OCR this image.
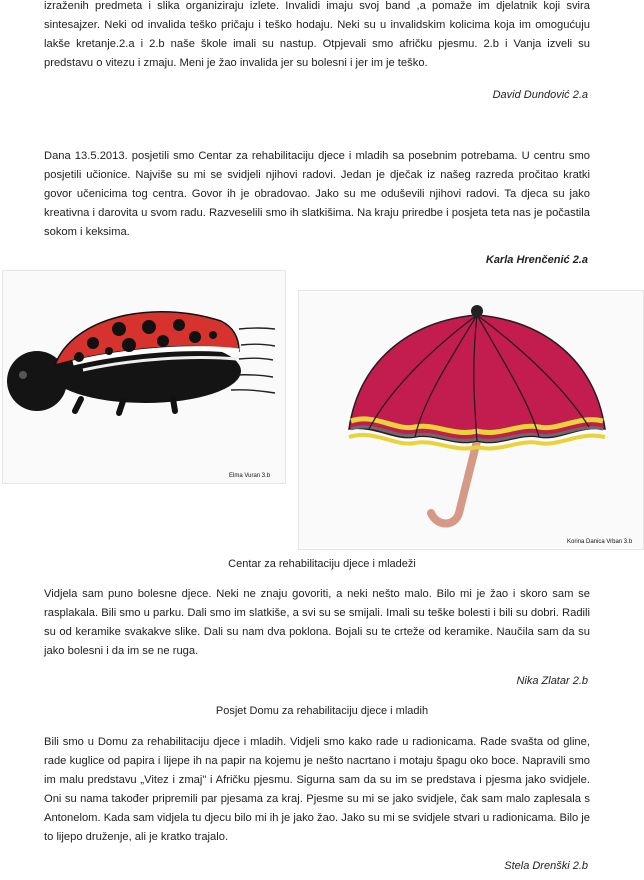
izraženih predmeta i slika organiziraju izlete. Invalidi imaju svoj band ,a pomaže im djelatnik koji svira sintesajzer. Neki od invalida teško pričaju i teško hodaju. Neki su u invalidskim kolicima koja im omogućuju lakše kretanje.2.a i 2.b naše škole imali su nastup. Otpjevali smo afričku pjesmu. 2.b i Vanja izveli su predstavu o vitezu i zmaju. Meni je žao invalida jer su bolesni i jer im je teško.

David Dundović 2.a

Dana 13.5.2013. posjetili smo Centar za rehabilitaciju djece i mladih sa posebnim potrebama. U centru smo posjetili učionice. Najviše su mi se svidjeli njihovi radovi. Jedan je dječak iz našeg razreda pročitao kratki govor učenicima tog centra. Govor ih je obradovao. Jako su me oduševili njihovi radovi. Ta djeca su jako kreativna i darovita u svom radu. Razveselili smo ih slatkišima. Na kraju priredbe i posjeta teta nas je počastila sokom i keksima.

Karla Hrenčenić 2.a

Elma Vuran 3.b
Korina Danica Vrban 3.b

Centar za rehabilitaciju djece i mladeži

Vidjela sam puno bolesne djece. Neki ne znaju govoriti, a neki nešto malo. Bilo mi je žao i skoro sam se rasplakala. Bili smo u parku. Dali smo im slatkiše, a svi su se smijali. Imali su teške bolesti i bili su dobri. Radili su od keramike svakakve slike. Dali su nam dva poklona. Bojali su te crteže od keramike. Naučila sam da su jako bolesni i da im se ne ruga.

Nika Zlatar 2.b

Posjet Domu za rehabilitaciju djece i mladih

Bili smo u Domu za rehabilitaciju djece i mladih. Vidjeli smo kako rade u radionicama. Rade svašta od gline, rade kuglice od papira i lijepe ih na papir na kojemu je nešto nacrtano i motaju špagu oko boce. Napravili smo im malu predstavu „Vitez i zmaj" i Afričku pjesmu. Sigurna sam da su im se predstava i pjesma jako svidjele. Oni su nama također pripremili par pjesama za kraj. Pjesme su mi se jako svidjele, čak sam malo zaplesala s Antonelom. Kada sam vidjela tu djecu bilo mi ih je jako žao. Jako su mi se svidjele stvari u radionicama. Bilo je to lijepo druženje, ali je kratko trajalo.

Stela Drenški 2.b
